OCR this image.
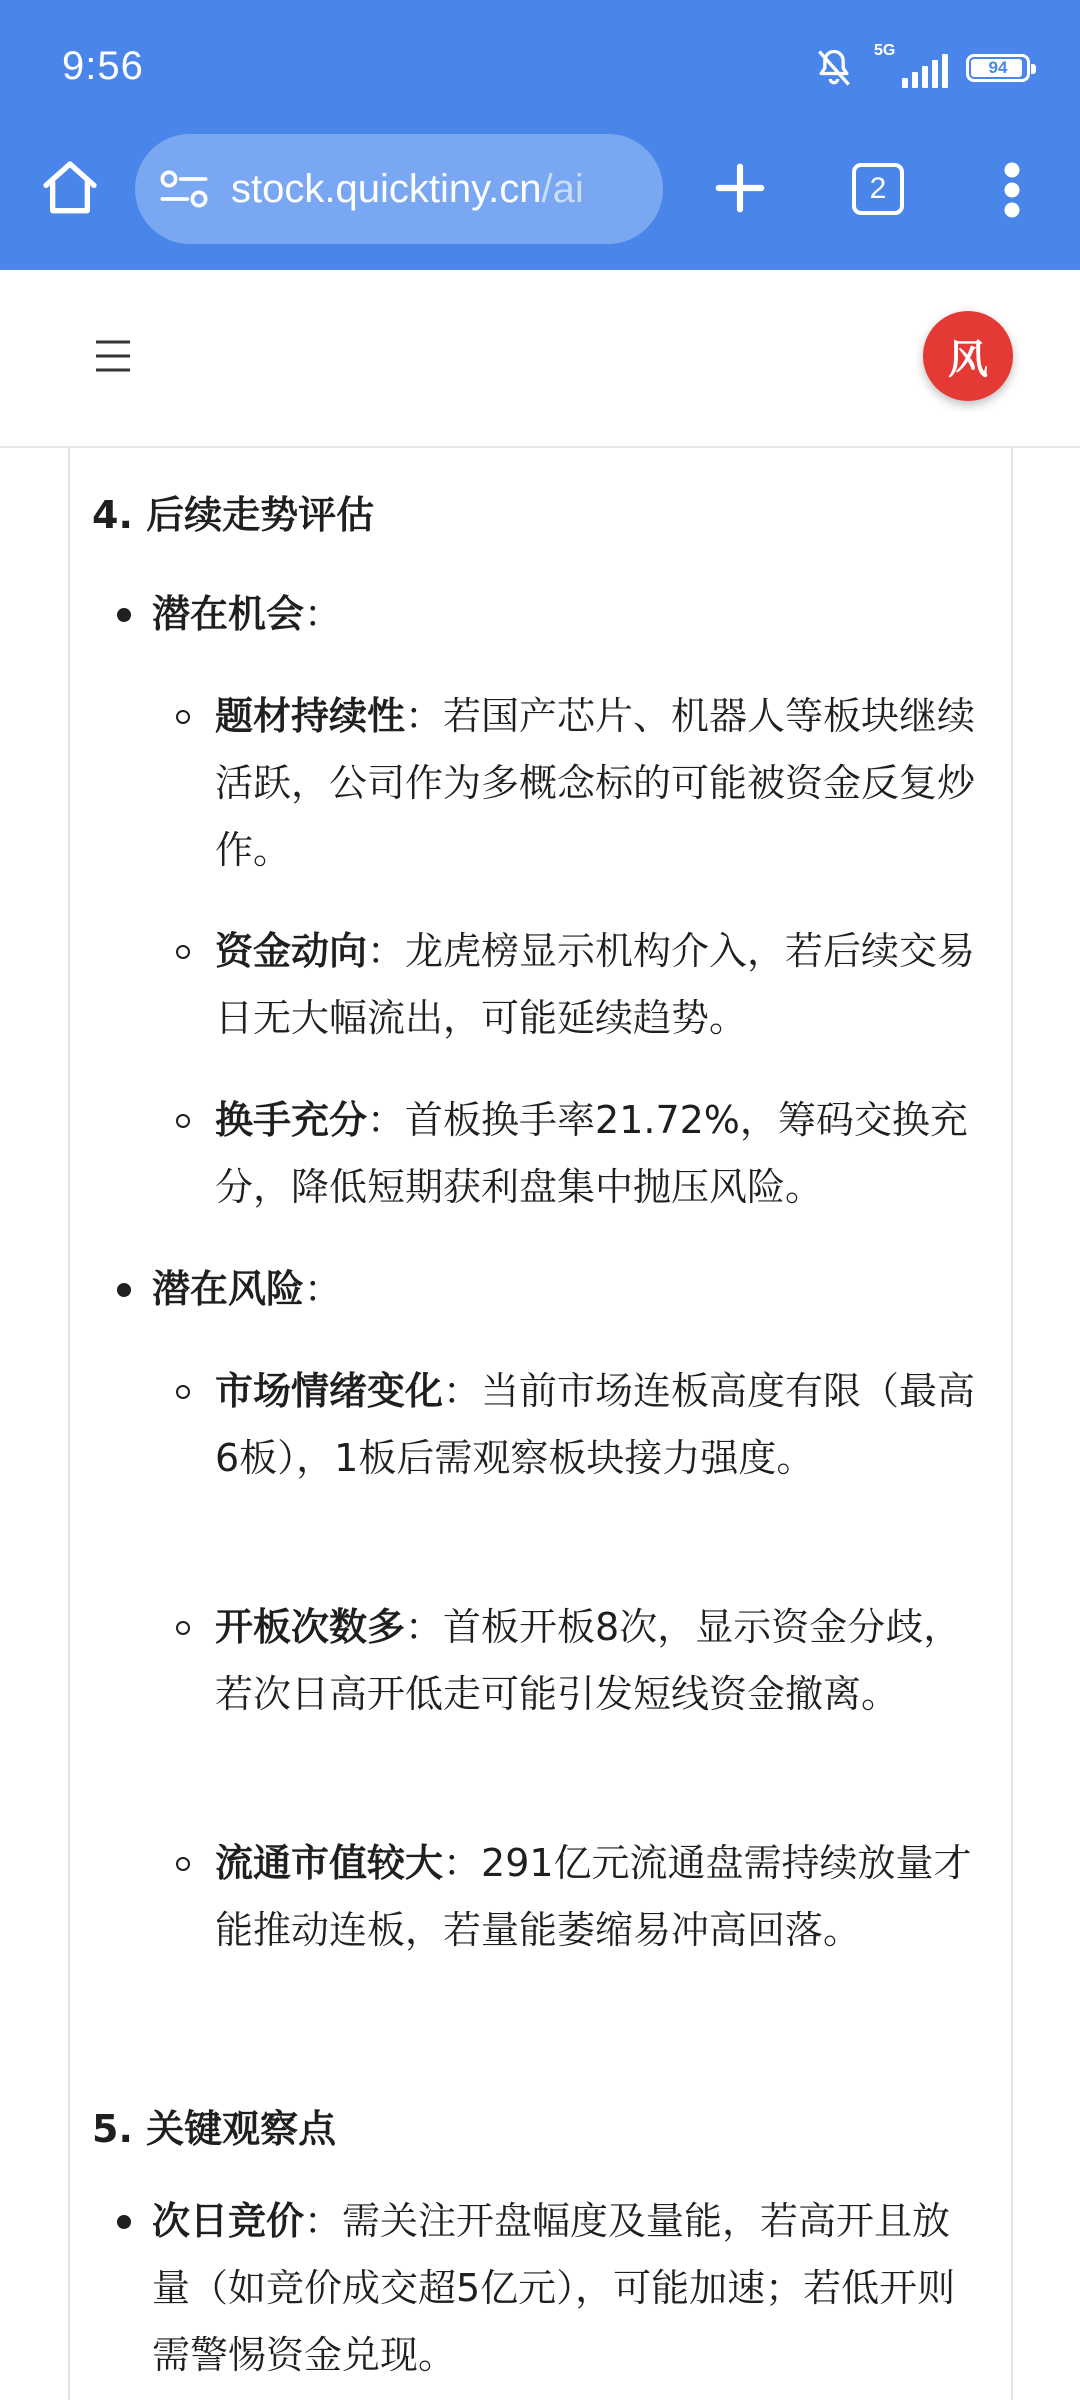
9:56	5G
94
stock.quicktiny.cn/ai	2
风
4. 后续走势评估
潜在机会：
题材持续性：若国产芯片、机器人等板块继续活跃，公司作为多概念标的可能被资金反复炒作。
资金动向：龙虎榜显示机构介入，若后续交易日无大幅流出，可能延续趋势。
换手充分：首板换手率21.72%，筹码交换充分，降低短期获利盘集中抛压风险。
潜在风险：
市场情绪变化：当前市场连板高度有限（最高6板），1板后需观察板块接力强度。
开板次数多：首板开板8次，显示资金分歧，若次日高开低走可能引发短线资金撤离。
流通市值较大：291亿元流通盘需持续放量才能推动连板，若量能萎缩易冲高回落。
5. 关键观察点
次日竞价：需关注开盘幅度及量能，若高开且放量（如竞价成交超5亿元），可能加速；若低开则需警惕资金兑现。
